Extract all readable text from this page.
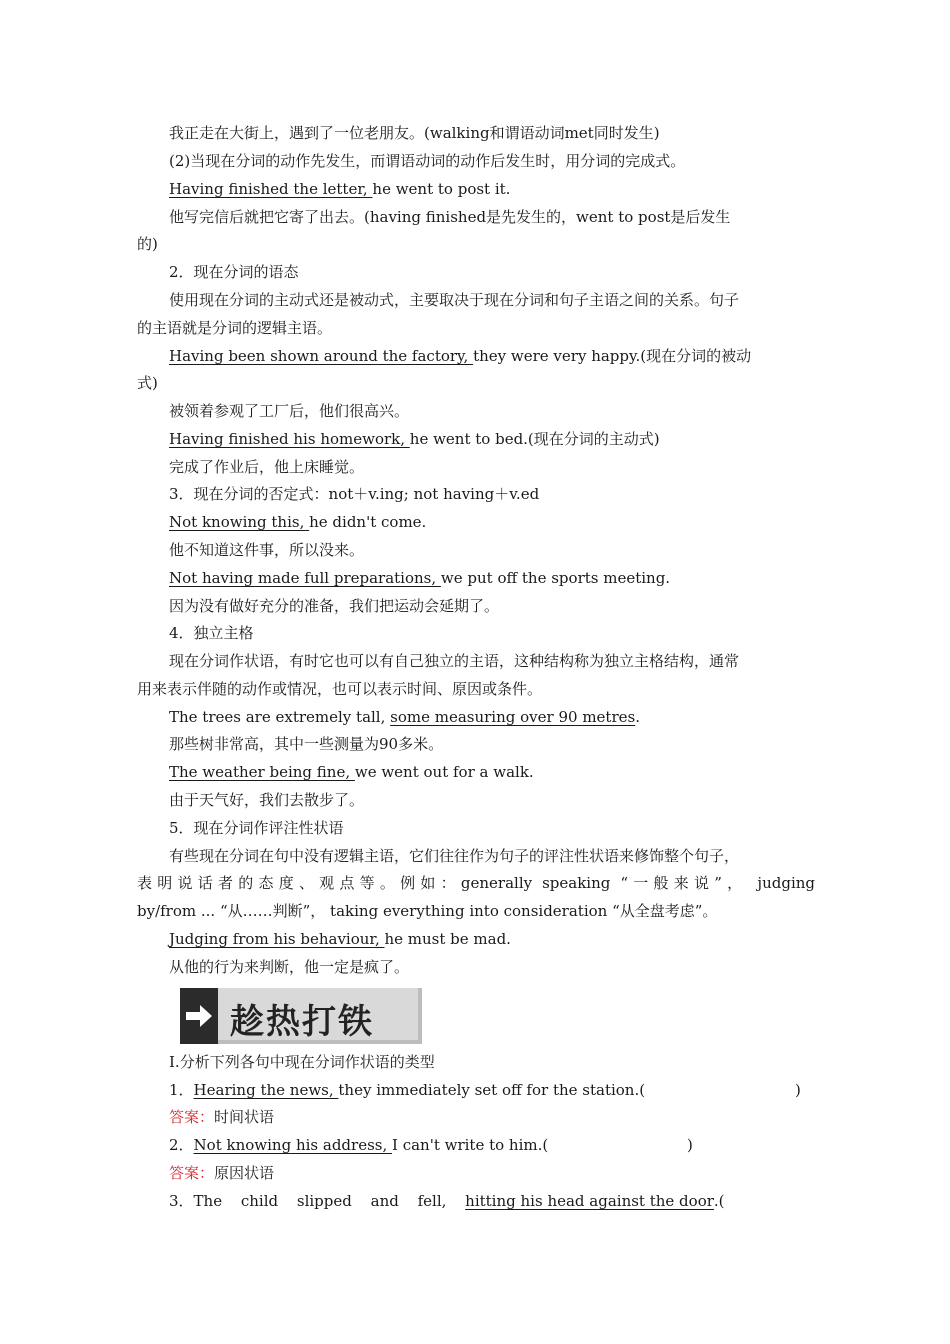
我正走在大街上，遇到了一位老朋友。(walking和谓语动词met同时发生)
(2)当现在分词的动作先发生，而谓语动词的动作后发生时，用分词的完成式。
Having finished the letter, he went to post it.
他写完信后就把它寄了出去。(having finished是先发生的，went to post是后发生
的)
2．现在分词的语态
使用现在分词的主动式还是被动式，主要取决于现在分词和句子主语之间的关系。句子
的主语就是分词的逻辑主语。
Having been shown around the factory, they were very happy.(现在分词的被动
式)
被领着参观了工厂后，他们很高兴。
Having finished his homework, he went to bed.(现在分词的主动式)
完成了作业后，他上床睡觉。
3．现在分词的否定式：not＋v.ing; not having＋v.ed
Not knowing this, he didn't come.
他不知道这件事，所以没来。
Not having made full preparations, we put off the sports meeting.
因为没有做好充分的准备，我们把运动会延期了。
4．独立主格
现在分词作状语，有时它也可以有自己独立的主语，这种结构称为独立主格结构，通常
用来表示伴随的动作或情况，也可以表示时间、原因或条件。
The trees are extremely tall, some measuring over 90 metres.
那些树非常高，其中一些测量为90多米。
The weather being fine, we went out for a walk.
由于天气好，我们去散步了。
5．现在分词作评注性状语
有些现在分词在句中没有逻辑主语，它们往往作为句子的评注性状语来修饰整个句子，
表明说话者的态度、观点等。例如：generally speaking “一般来说”， judging
by/from ... “从……判断”， taking everything into consideration “从全盘考虑”。
Judging from his behaviour, he must be mad.
从他的行为来判断，他一定是疯了。
趁热打铁
Ⅰ.分析下列各句中现在分词作状语的类型
1．Hearing the news, they immediately set off for the station.(	)
答案：时间状语
2．Not knowing his address, I can't write to him.(	)
答案：原因状语
3．The child slipped and fell, hitting his head against the door.(
